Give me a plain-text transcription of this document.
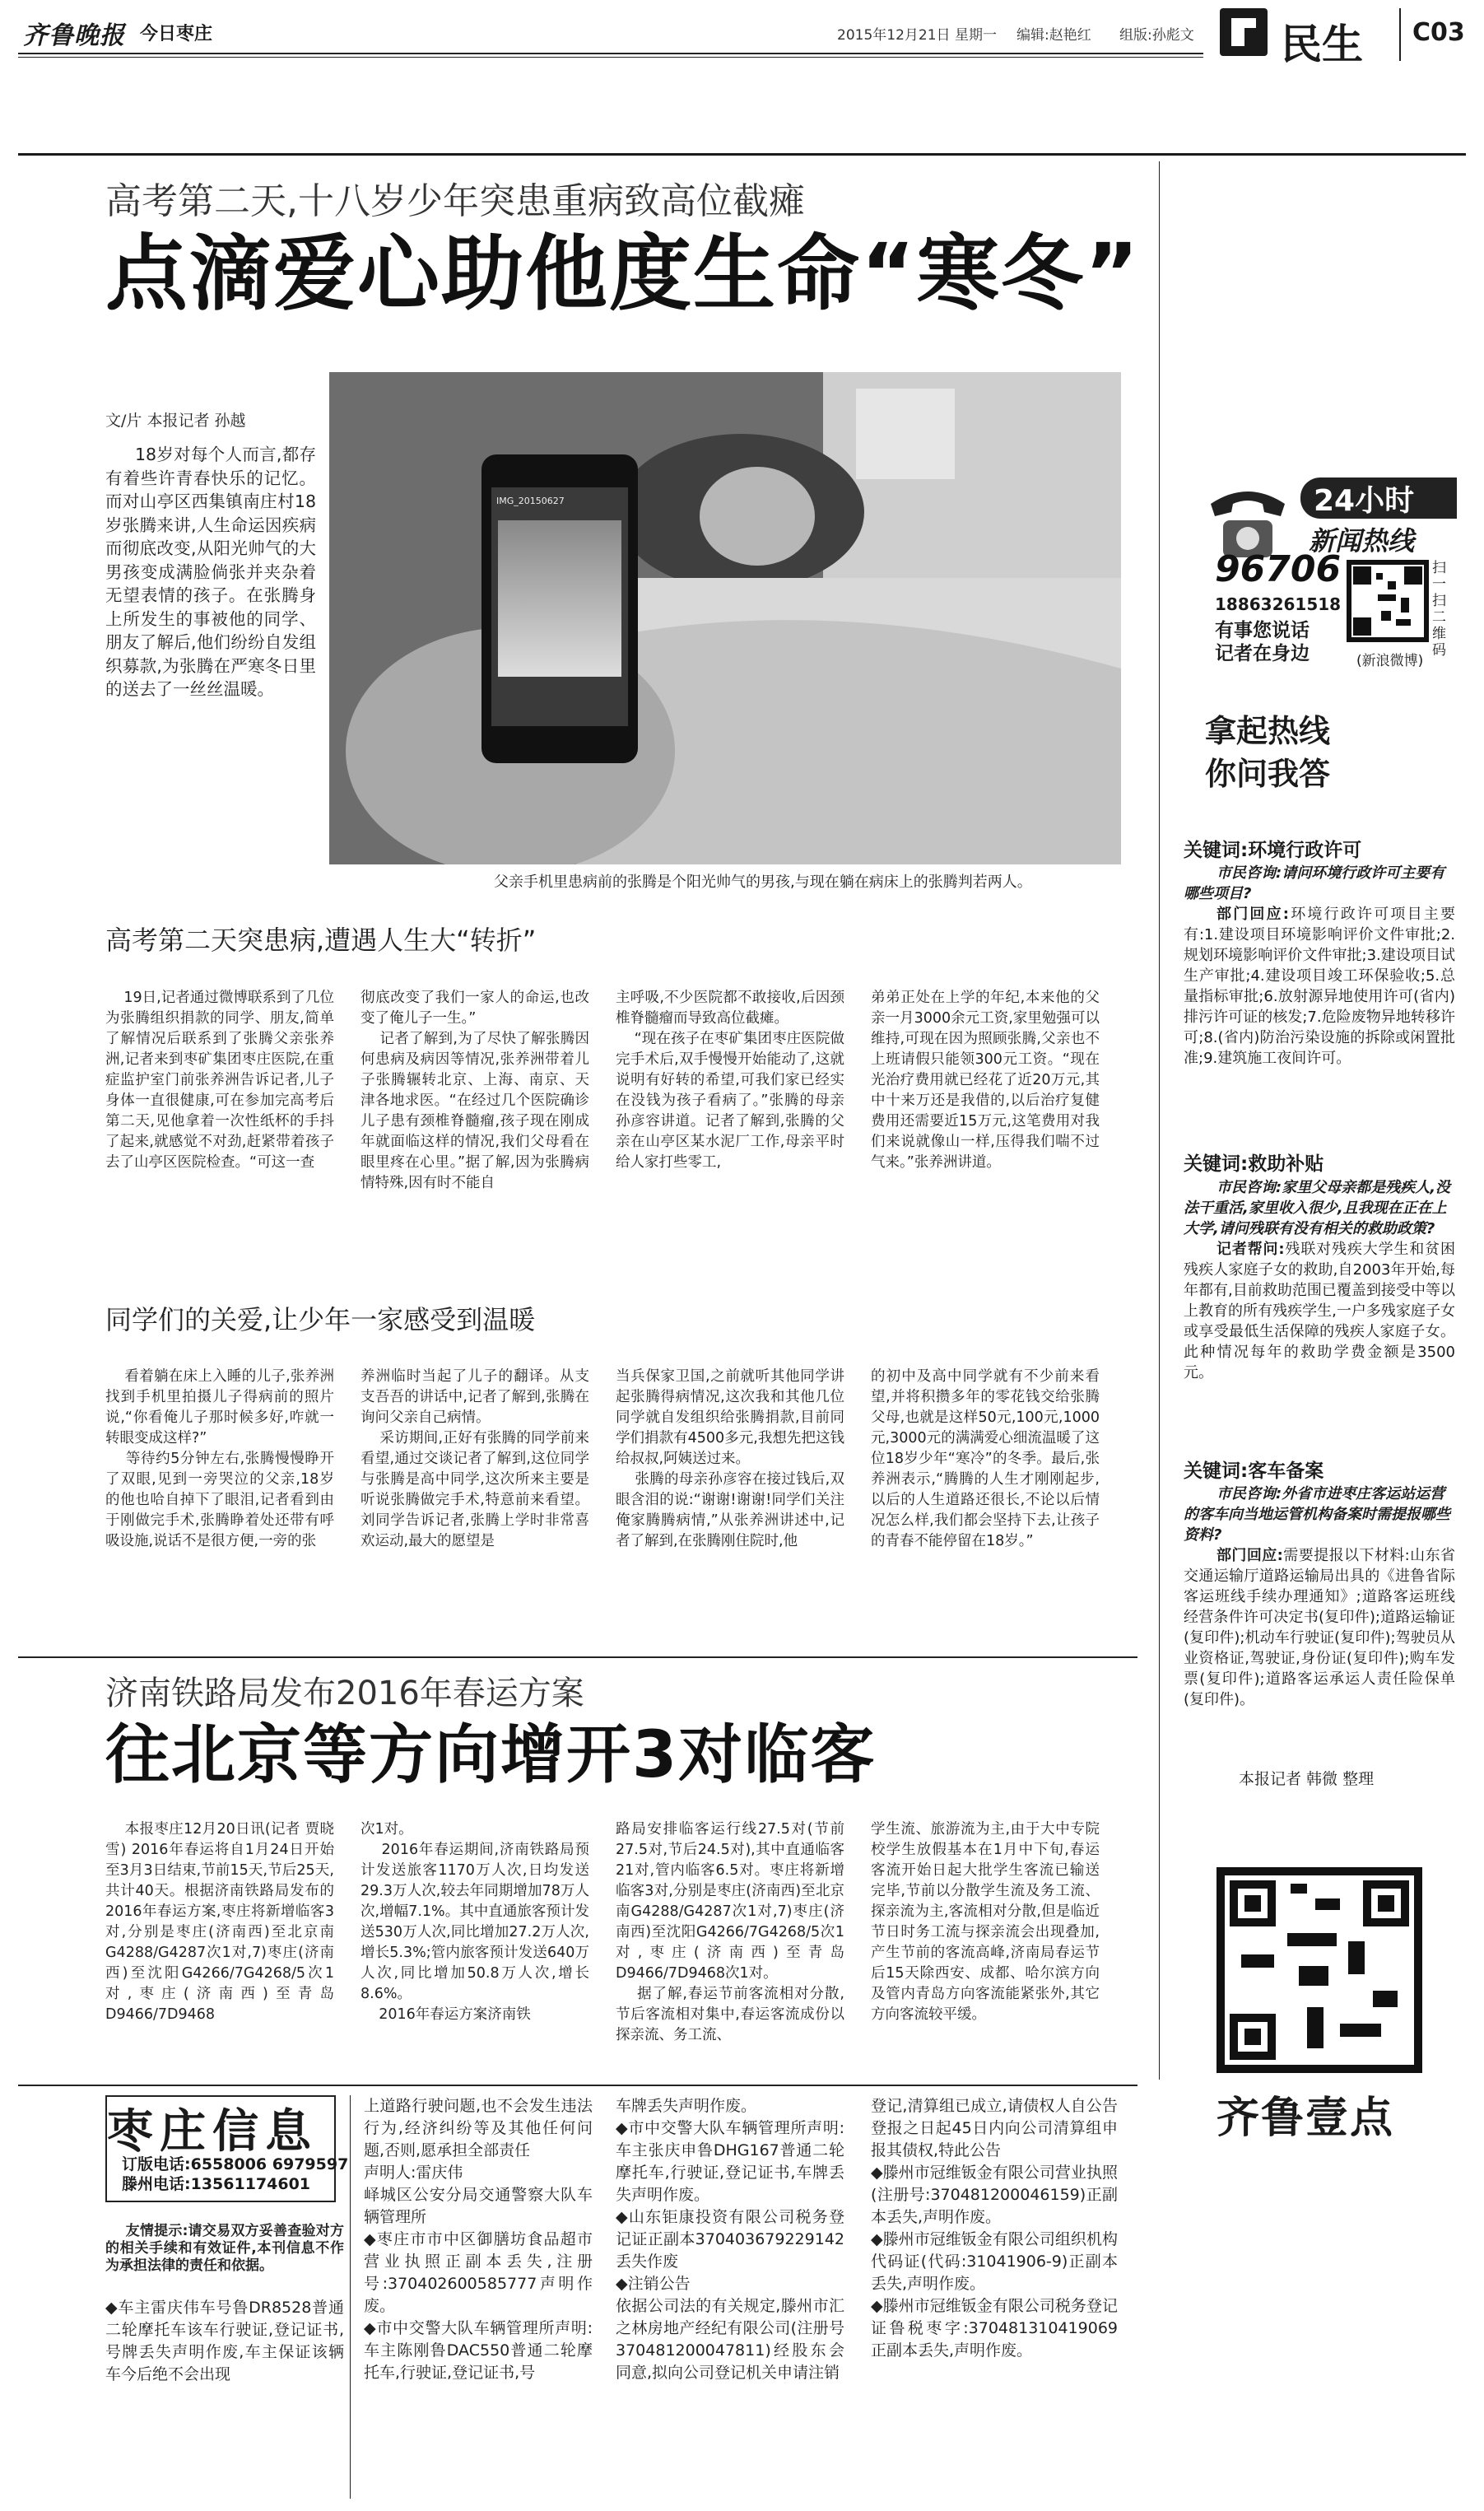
齐鲁晚报 今日枣庄	2015年12月21日 星期一 编辑:赵艳红 组版:孙彪文 民生 C03
高考第二天,十八岁少年突患重病致高位截瘫
点滴爱心助他度生命“寒冬”
文/片 本报记者 孙越
18岁对每个人而言,都存有着些许青春快乐的记忆。而对山亭区西集镇南庄村18岁张腾来讲,人生命运因疾病而彻底改变,从阳光帅气的大男孩变成满脸倘张并夹杂着无望表情的孩子。在张腾身上所发生的事被他的同学、朋友了解后,他们纷纷自发组织募款,为张腾在严寒冬日里的送去了一丝丝温暖。
IMG_20150627
父亲手机里患病前的张腾是个阳光帅气的男孩,与现在躺在病床上的张腾判若两人。
高考第二天突患病,遭遇人生大“转折”
19日,记者通过微博联系到了几位为张腾组织捐款的同学、朋友,简单了解情况后联系到了张腾父亲张养洲,记者来到枣矿集团枣庄医院,在重症监护室门前张养洲告诉记者,儿子身体一直很健康,可在参加完高考后第二天,见他拿着一次性纸杯的手抖了起来,就感觉不对劲,赶紧带着孩子去了山亭区医院检查。“可这一查
彻底改变了我们一家人的命运,也改变了俺儿子一生。”
记者了解到,为了尽快了解张腾因何患病及病因等情况,张养洲带着儿子张腾辗转北京、上海、南京、天津各地求医。“在经过几个医院确诊儿子患有颈椎脊髓瘤,孩子现在刚成年就面临这样的情况,我们父母看在眼里疼在心里。”据了解,因为张腾病情特殊,因有时不能自
主呼吸,不少医院都不敢接收,后因颈椎脊髓瘤而导致高位截瘫。
“现在孩子在枣矿集团枣庄医院做完手术后,双手慢慢开始能动了,这就说明有好转的希望,可我们家已经实在没钱为孩子看病了。”张腾的母亲孙彦容讲道。记者了解到,张腾的父亲在山亭区某水泥厂工作,母亲平时给人家打些零工,
弟弟正处在上学的年纪,本来他的父亲一月3000余元工资,家里勉强可以维持,可现在因为照顾张腾,父亲也不上班请假只能领300元工资。“现在光治疗费用就已经花了近20万元,其中十来万还是我借的,以后治疗复健费用还需要近15万元,这笔费用对我们来说就像山一样,压得我们喘不过气来。”张养洲讲道。
同学们的关爱,让少年一家感受到温暖
看着躺在床上入睡的儿子,张养洲找到手机里拍摄儿子得病前的照片说,“你看俺儿子那时候多好,咋就一转眼变成这样?”
等待约5分钟左右,张腾慢慢睁开了双眼,见到一旁哭泣的父亲,18岁的他也哈自掉下了眼泪,记者看到由于刚做完手术,张腾睁着处还带有呼吸设施,说话不是很方便,一旁的张
养洲临时当起了儿子的翻译。从支支吾吾的讲话中,记者了解到,张腾在询问父亲自己病情。
采访期间,正好有张腾的同学前来看望,通过交谈记者了解到,这位同学与张腾是高中同学,这次所来主要是听说张腾做完手术,特意前来看望。刘同学告诉记者,张腾上学时非常喜欢运动,最大的愿望是
当兵保家卫国,之前就听其他同学讲起张腾得病情况,这次我和其他几位同学就自发组织给张腾捐款,目前同学们捐款有4500多元,我想先把这钱给叔叔,阿姨送过来。
张腾的母亲孙彦容在接过钱后,双眼含泪的说:“谢谢!谢谢!同学们关注俺家腾腾病情,”从张养洲讲述中,记者了解到,在张腾刚住院时,他
的初中及高中同学就有不少前来看望,并将积攒多年的零花钱交给张腾父母,也就是这样50元,100元,1000元,3000元的满满爱心细流温暖了这位18岁少年“寒冷”的冬季。最后,张养洲表示,“腾腾的人生才刚刚起步,以后的人生道路还很长,不论以后情况怎么样,我们都会坚持下去,让孩子的青春不能停留在18岁。”
济南铁路局发布2016年春运方案
往北京等方向增开3对临客
本报枣庄12月20日讯(记者 贾晓雪) 2016年春运将自1月24日开始至3月3日结束,节前15天,节后25天,共计40天。根据济南铁路局发布的2016年春运方案,枣庄将新增临客3对,分别是枣庄(济南西)至北京南G4288/G4287次1对,7)枣庄(济南西)至沈阳G4266/7G4268/5次1对,枣庄(济南西)至青岛D9466/7D9468
次1对。
2016年春运期间,济南铁路局预计发送旅客1170万人次,日均发送29.3万人次,较去年同期增加78万人次,增幅7.1%。其中直通旅客预计发送530万人次,同比增加27.2万人次,增长5.3%;管内旅客预计发送640万人次,同比增加50.8万人次,增长8.6%。
2016年春运方案济南铁
路局安排临客运行线27.5对(节前27.5对,节后24.5对),其中直通临客21对,管内临客6.5对。枣庄将新增临客3对,分别是枣庄(济南西)至北京南G4288/G4287次1对,7)枣庄(济南西)至沈阳G4266/7G4268/5次1对,枣庄(济南西)至青岛D9466/7D9468次1对。
据了解,春运节前客流相对分散,节后客流相对集中,春运客流成份以探亲流、务工流、
学生流、旅游流为主,由于大中专院校学生放假基本在1月中下旬,春运客流开始日起大批学生客流已输送完毕,节前以分散学生流及务工流、探亲流为主,客流相对分散,但是临近节日时务工流与探亲流会出现叠加,产生节前的客流高峰,济南局春运节后15天除西安、成都、哈尔滨方向及管内青岛方向客流能紧张外,其它方向客流较平缓。
24小时
新闻热线
96706
18863261518
有事您说话
记者在身边
扫一扫二维码
(新浪微博)
拿起热线
你问我答
关键词:环境行政许可

市民咨询:请问环境行政许可主要有哪些项目?

部门回应:环境行政许可项目主要有:1.建设项目环境影响评价文件审批;2.规划环境影响评价文件审批;3.建设项目试生产审批;4.建设项目竣工环保验收;5.总量指标审批;6.放射源异地使用许可(省内)排污许可证的核发;7.危险废物异地转移许可;8.(省内)防治污染设施的拆除或闲置批准;9.建筑施工夜间许可。

关键词:救助补贴

市民咨询:家里父母亲都是残疾人,没法干重活,家里收入很少,且我现在正在上大学,请问残联有没有相关的救助政策?

记者帮问:残联对残疾大学生和贫困残疾人家庭子女的救助,自2003年开始,每年都有,目前救助范围已覆盖到接受中等以上教育的所有残疾学生,一户多残家庭子女或享受最低生活保障的残疾人家庭子女。此种情况每年的救助学费金额是3500元。

关键词:客车备案

市民咨询:外省市进枣庄客运站运营的客车向当地运管机构备案时需提报哪些资料?

部门回应:需要提报以下材料:山东省交通运输厅道路运输局出具的《进鲁省际客运班线手续办理通知》;道路客运班线经营条件许可决定书(复印件);道路运输证(复印件);机动车行驶证(复印件);驾驶员从业资格证,驾驶证,身份证(复印件);购车发票(复印件);道路客运承运人责任险保单(复印件)。

本报记者 韩微 整理
齐鲁壹点
枣庄信息
订版电话:6558006 6979597
滕州电话:13561174601
友情提示:请交易双方妥善查验对方的相关手续和有效证件,本刊信息不作为承担法律的责任和依据。
◆车主雷庆伟车号鲁DR8528普通二轮摩托车该车行驶证,登记证书,号牌丢失声明作废,车主保证该辆车今后绝不会出现
上道路行驶问题,也不会发生违法行为,经济纠纷等及其他任何问题,否则,愿承担全部责任
声明人:雷庆伟
峄城区公安分局交通警察大队车辆管理所
◆枣庄市市中区御膳坊食品超市营业执照正副本丢失,注册号:370402600585777声明作废。
◆市中交警大队车辆管理所声明:车主陈刚鲁DAC550普通二轮摩托车,行驶证,登记证书,号
车牌丢失声明作废。
◆市中交警大队车辆管理所声明:车主张庆申鲁DHG167普通二轮摩托车,行驶证,登记证书,车牌丢失声明作废。
◆山东钜康投资有限公司税务登记证正副本370403679229142丢失作废
◆注销公告
依据公司法的有关规定,滕州市汇之林房地产经纪有限公司(注册号370481200047811)经股东会同意,拟向公司登记机关申请注销
登记,清算组已成立,请债权人自公告登报之日起45日内向公司清算组申报其债权,特此公告
◆滕州市冠维钣金有限公司营业执照(注册号:370481200046159)正副本丢失,声明作废。
◆滕州市冠维钣金有限公司组织机构代码证(代码:31041906-9)正副本丢失,声明作废。
◆滕州市冠维钣金有限公司税务登记证鲁税枣字:370481310419069正副本丢失,声明作废。
